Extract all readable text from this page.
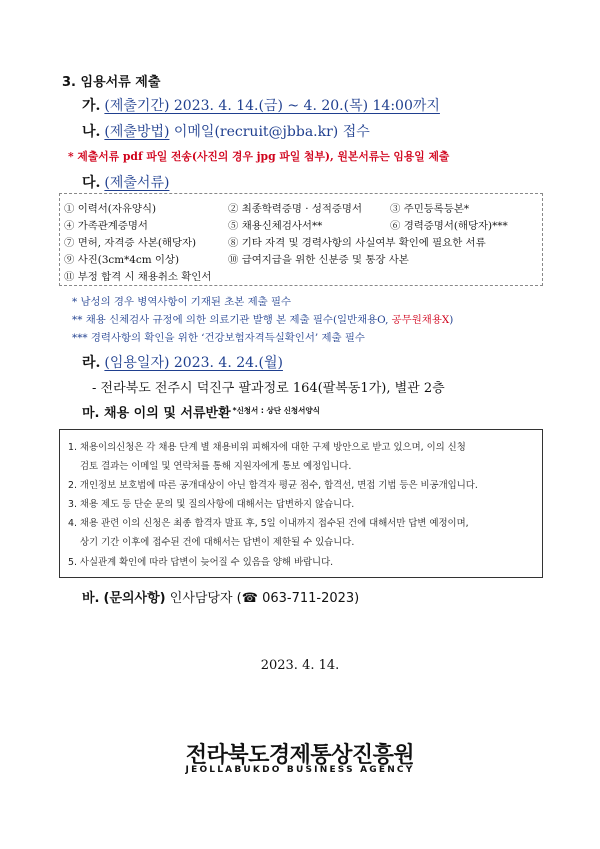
3. 임용서류 제출
가. (제출기간) 2023. 4. 14.(금) ~ 4. 20.(목) 14:00까지
나. (제출방법) 이메일(recruit@jbba.kr) 접수
* 제출서류 pdf 파일 전송(사진의 경우 jpg 파일 첨부), 원본서류는 임용일 제출
다. (제출서류)
① 이력서(자유양식)	② 최종학력증명 · 성적증명서	③ 주민등록등본*
④ 가족관계증명서	⑤ 채용신체검사서**	⑥ 경력증명서(해당자)***
⑦ 면허, 자격증 사본(해당자)	⑧ 기타 자격 및 경력사항의 사실여부 확인에 필요한 서류
⑨ 사진(3cm*4cm 이상)	⑩ 급여지급을 위한 신분증 및 통장 사본
⑪ 부정 합격 시 채용취소 확인서
* 남성의 경우 병역사항이 기재된 초본 제출 필수
** 채용 신체검사 규정에 의한 의료기관 발행 본 제출 필수(일반채용O, 공무원채용X)
*** 경력사항의 확인을 위한 ‘건강보험자격득실확인서’ 제출 필수
라. (임용일자) 2023. 4. 24.(월)
- 전라북도 전주시 덕진구 팔과정로 164(팔복동1가), 별관 2층
마. 채용 이의 및 서류반환 $^{*신청서 : 상단 신청서양식}$
1. 채용이의신청은 각 채용 단계 별 채용비위 피해자에 대한 구제 방안으로 받고 있으며, 이의 신청
검토 결과는 이메일 및 연락처를 통해 지원자에게 통보 예정입니다.
2. 개인정보 보호법에 따른 공개대상이 아닌 합격자 평균 점수, 합격선, 면접 기법 등은 비공개입니다.
3. 채용 제도 등 단순 문의 및 질의사항에 대해서는 답변하지 않습니다.
4. 채용 관련 이의 신청은 최종 합격자 발표 후, 5일 이내까지 접수된 건에 대해서만 답변 예정이며,
상기 기간 이후에 접수된 건에 대해서는 답변이 제한될 수 있습니다.
5. 사실관계 확인에 따라 답변이 늦어질 수 있음을 양해 바랍니다.
바. (문의사항) 인사담당자 (☎ 063-711-2023)
2023. 4. 14.
전라북도경제통상진흥원
JEOLLABUKDO BUSINESS AGENCY
